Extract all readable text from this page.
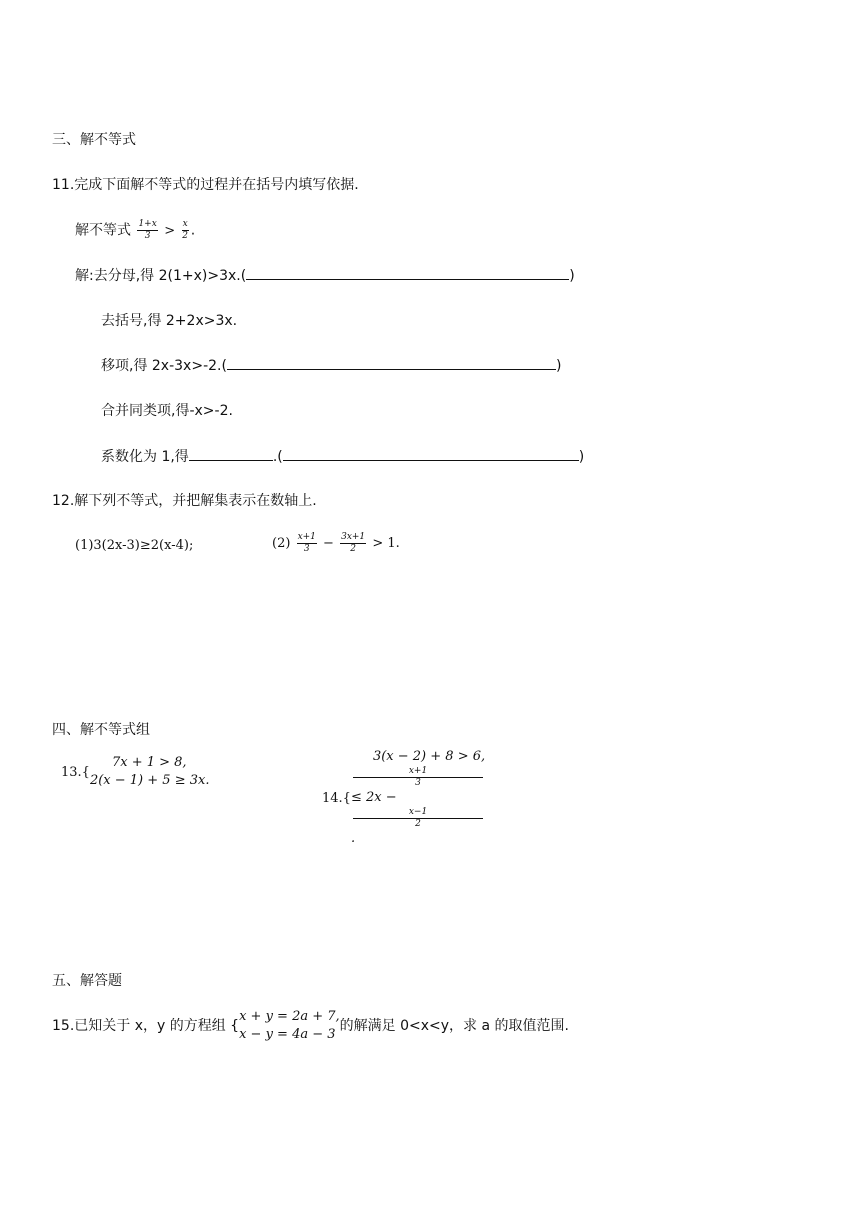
三、解不等式
11.完成下面解不等式的过程并在括号内填写依据.
解不等式 $\frac{1+x}{3} > \frac{x}{2}$ .
解:去分母,得 2(1+x)>3x.(	)
去括号,得 2+2x>3x.
移项,得 2x-3x>-2.(	)
合并同类项,得-x>-2.
系数化为 1,得	.(	)
12.解下列不等式，并把解集表示在数轴上.
(1)3(2x-3)≥2(x-4);	$(2) \frac{x+1}{3} - \frac{3x+1}{2} > 1$.
四、解不等式组
13.{
7x + 1 > 8,
2(x − 1) + 5 ≥ 3x.
14.{
3(x − 2) + 8 > 6,
x+1
3
≤ 2x −
x−1
2
.
五、解答题
15.已知关于 x，y 的方程组 {
x + y = 2a + 7,
x − y = 4a − 3
的解满足 0<x<y，求 a 的取值范围.
